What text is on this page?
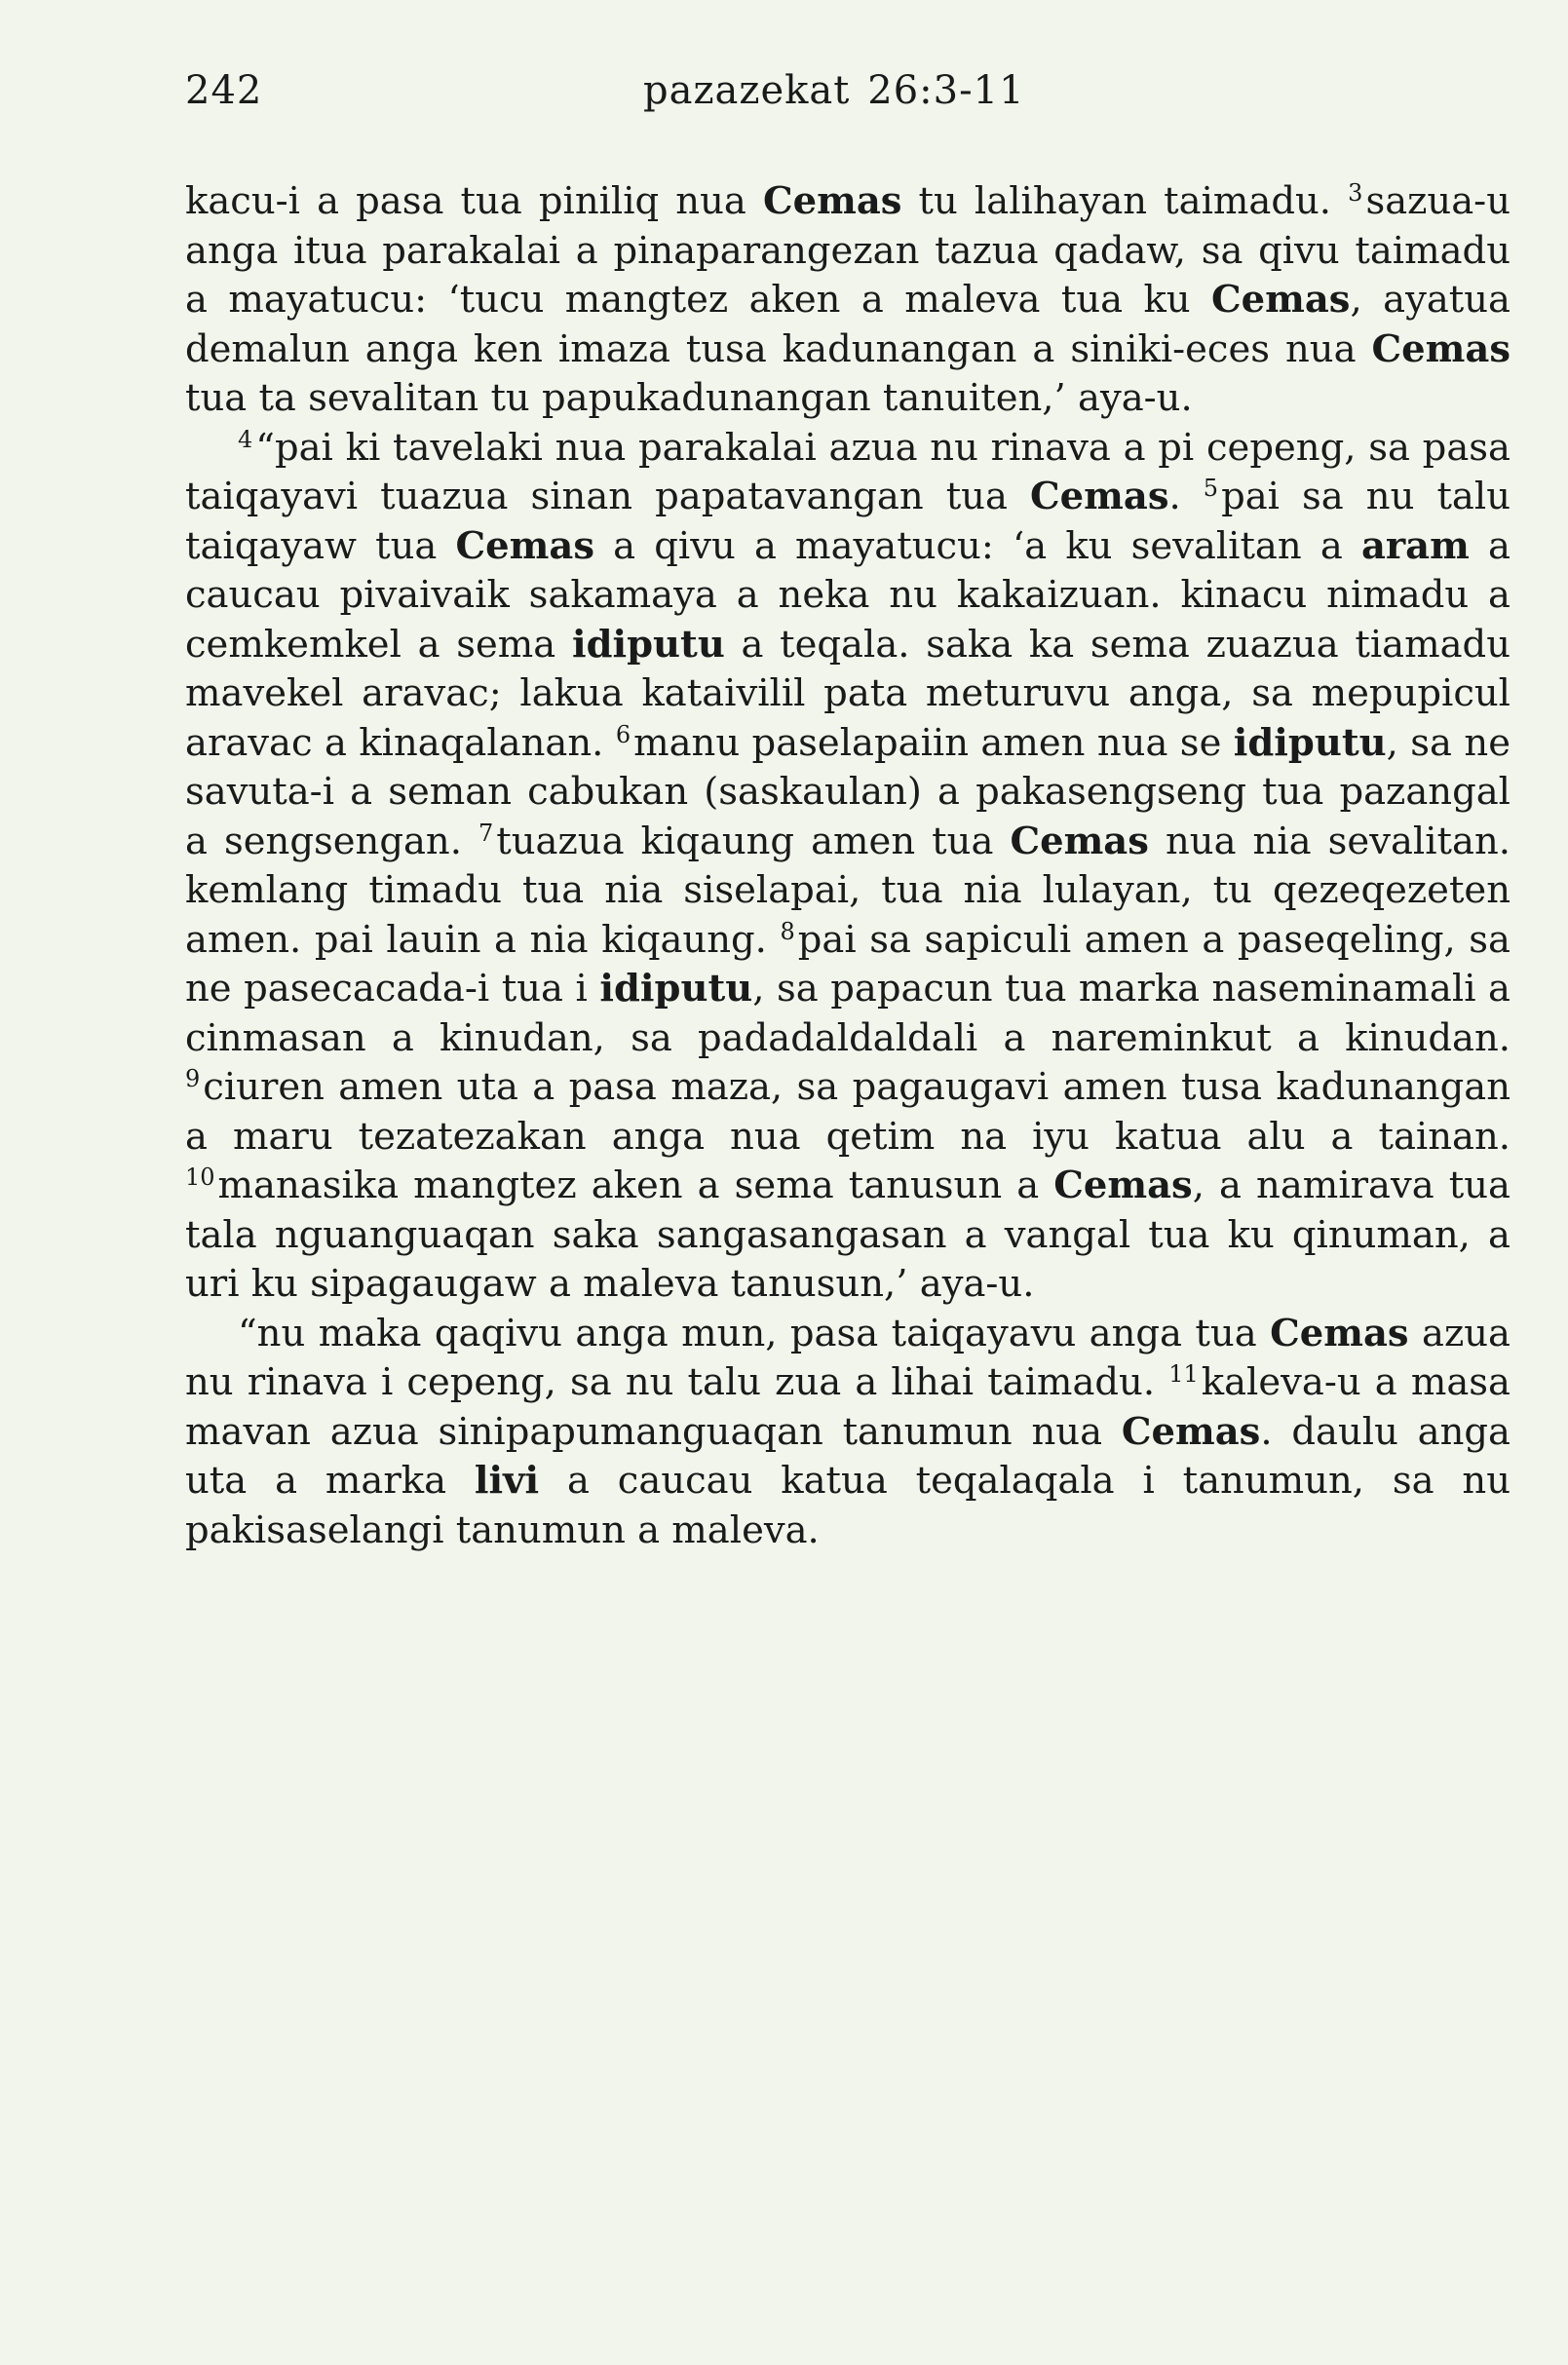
242	pazazekat 26:3-11

kacu-i a pasa tua piniliq nua Cemas tu lalihayan taimadu. $^3$sazua-u anga itua parakalai a pinaparangezan tazua qadaw, sa qivu taimadu a mayatucu: ‘tucu mangtez aken a maleva tua ku Cemas, ayatua demalun anga ken imaza tusa kadunangan a siniki-eces nua Cemas tua ta sevalitan tu papukadunangan tanuiten,’ aya-u.

$^4$“pai ki tavelaki nua parakalai azua nu rinava a pi cepeng, sa pasa taiqayavi tuazua sinan papatavangan tua Cemas. $^5$pai sa nu talu taiqayaw tua Cemas a qivu a mayatucu: ‘a ku sevalitan a aram a caucau pivaivaik sakamaya a neka nu kakaizuan. kinacu nimadu a cemkemkel a sema idiputu a teqala. saka ka sema zuazua tiamadu mavekel aravac; lakua kataivilil pata meturuvu anga, sa mepupicul aravac a kinaqalanan. $^6$manu paselapaiin amen nua se idiputu, sa ne savuta-i a seman cabukan (saskaulan) a pakasengseng tua pazangal a sengsengan. $^7$tuazua kiqaung amen tua Cemas nua nia sevalitan. kemlang timadu tua nia siselapai, tua nia lulayan, tu qezeqezeten amen. pai lauin a nia kiqaung. $^8$pai sa sapiculi amen a paseqeling, sa ne pasecacada-i tua i idiputu, sa papacun tua marka naseminamali a cinmasan a kinudan, sa padadaldaldali a nareminkut a kinudan. $^9$ciuren amen uta a pasa maza, sa pagaugavi amen tusa kadunangan a maru tezatezakan anga nua qetim na iyu katua alu a tainan. $^{10}$manasika mangtez aken a sema tanusun a Cemas, a namirava tua tala nguanguaqan saka sangasangasan a vangal tua ku qinuman, a uri ku sipagaugaw a maleva tanusun,’ aya-u.

“nu maka qaqivu anga mun, pasa taiqayavu anga tua Cemas azua nu rinava i cepeng, sa nu talu zua a lihai taimadu. $^{11}$kaleva-u a masa mavan azua sinipapumanguaqan tanumun nua Cemas. daulu anga uta a marka livi a caucau katua teqalaqala i tanumun, sa nu pakisaselangi tanumun a maleva.
